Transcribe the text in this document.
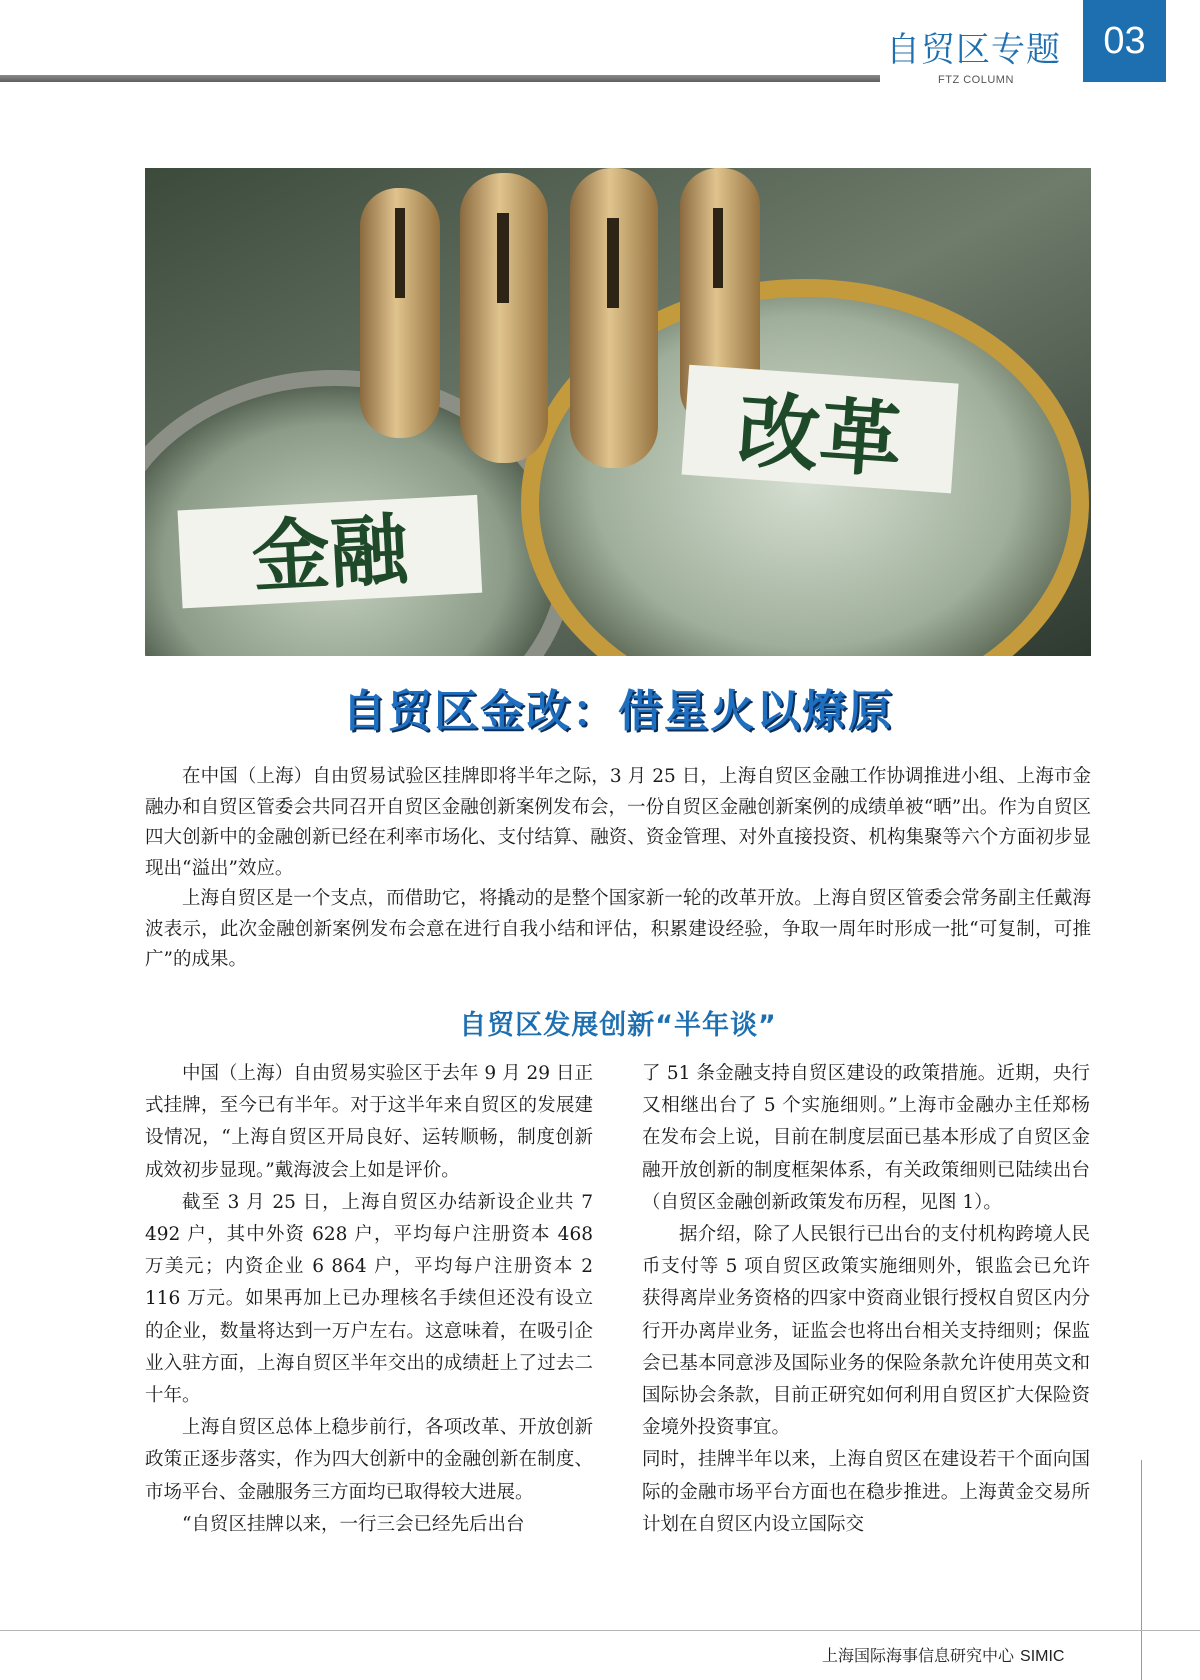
自贸区专题
FTZ COLUMN
03
金融
改革
自贸区金改：借星火以燎原

在中国（上海）自由贸易试验区挂牌即将半年之际，3 月 25 日，上海自贸区金融工作协调推进小组、上海市金融办和自贸区管委会共同召开自贸区金融创新案例发布会，一份自贸区金融创新案例的成绩单被“晒”出。作为自贸区四大创新中的金融创新已经在利率市场化、支付结算、融资、资金管理、对外直接投资、机构集聚等六个方面初步显现出“溢出”效应。

上海自贸区是一个支点，而借助它，将撬动的是整个国家新一轮的改革开放。上海自贸区管委会常务副主任戴海波表示，此次金融创新案例发布会意在进行自我小结和评估，积累建设经验，争取一周年时形成一批“可复制，可推广”的成果。

自贸区发展创新“半年谈”

中国（上海）自由贸易实验区于去年 9 月 29 日正式挂牌，至今已有半年。对于这半年来自贸区的发展建设情况，“上海自贸区开局良好、运转顺畅，制度创新成效初步显现。”戴海波会上如是评价。

截至 3 月 25 日，上海自贸区办结新设企业共 7 492 户，其中外资 628 户，平均每户注册资本 468 万美元；内资企业 6 864 户，平均每户注册资本 2 116 万元。如果再加上已办理核名手续但还没有设立的企业，数量将达到一万户左右。这意味着，在吸引企业入驻方面，上海自贸区半年交出的成绩赶上了过去二十年。

上海自贸区总体上稳步前行，各项改革、开放创新政策正逐步落实，作为四大创新中的金融创新在制度、市场平台、金融服务三方面均已取得较大进展。

“自贸区挂牌以来，一行三会已经先后出台

了 51 条金融支持自贸区建设的政策措施。近期，央行又相继出台了 5 个实施细则。”上海市金融办主任郑杨在发布会上说，目前在制度层面已基本形成了自贸区金融开放创新的制度框架体系，有关政策细则已陆续出台（自贸区金融创新政策发布历程，见图 1）。

据介绍，除了人民银行已出台的支付机构跨境人民币支付等 5 项自贸区政策实施细则外，银监会已允许获得离岸业务资格的四家中资商业银行授权自贸区内分行开办离岸业务，证监会也将出台相关支持细则；保监会已基本同意涉及国际业务的保险条款允许使用英文和国际协会条款，目前正研究如何利用自贸区扩大保险资金境外投资事宜。

同时，挂牌半年以来，上海自贸区在建设若干个面向国际的金融市场平台方面也在稳步推进。上海黄金交易所计划在自贸区内设立国际交

上海国际海事信息研究中心 SIMIC
